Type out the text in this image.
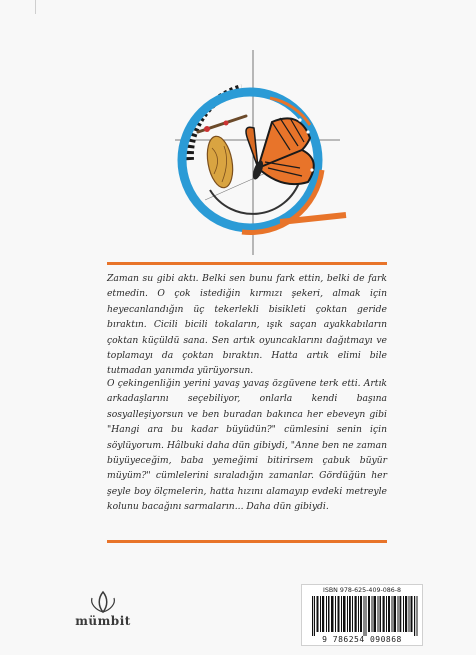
Zaman su gibi aktı. Belki sen bunu fark ettin, belki de fark etmedin. O çok istediğin kırmızı şekeri, almak için heyecanlandığın üç tekerlekli bisikleti çoktan geride bıraktın. Cicili bicili tokaların, ışık saçan ayakkabıların çoktan küçüldü sana. Sen artık oyuncaklarını dağıtmayı ve toplamayı da çoktan bıraktın. Hatta artık elimi bile tutmadan yanımda yürüyorsun.

O çekingenliğin yerini yavaş yavaş özgüvene terk etti. Artık arkadaşlarını seçebiliyor, onlarla kendi başına sosyalleşiyorsun ve ben buradan bakınca her ebeveyn gibi "Hangi ara bu kadar büyüdün?" cümlesini senin için söylüyorum. Hâlbuki daha dün gibiydi, "Anne ben ne zaman büyüyeceğim, baba yemeğimi bitirirsem çabuk büyür müyüm?" cümlelerini sıraladığın zamanlar. Gördüğün her şeyle boy ölçmelerin, hatta hızını alamayıp evdeki metreyle kolunu bacağını sarmaların... Daha dün gibiydi.

mümbit
ISBN 978-625-409-086-8
9 786254 090868
